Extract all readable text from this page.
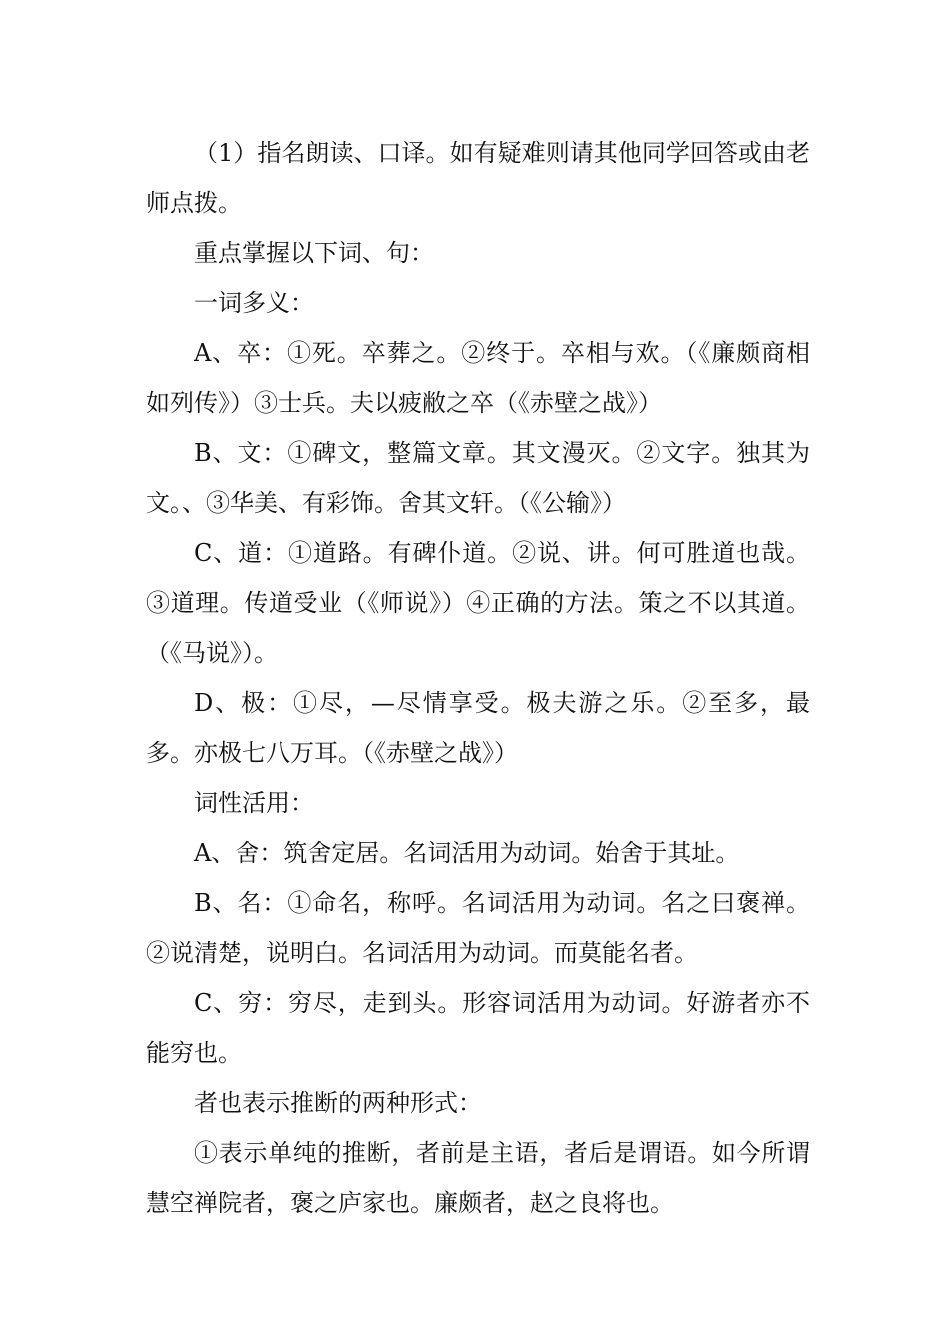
（1）指名朗读、口译。如有疑难则请其他同学回答或由老师点拨。

重点掌握以下词、句：

一词多义：

A、卒：①死。卒葬之。②终于。卒相与欢。（《廉颇商相如列传》）③士兵。夫以疲敝之卒（《赤壁之战》）

B、文：①碑文，整篇文章。其文漫灭。②文字。独其为文。、③华美、有彩饰。舍其文轩。（《公输》）

C、道：①道路。有碑仆道。②说、讲。何可胜道也哉。③道理。传道受业（《师说》）④正确的方法。策之不以其道。（《马说》）。

D、极：①尽，—尽情享受。极夫游之乐。②至多，最多。亦极七八万耳。（《赤壁之战》）

词性活用：

A、舍：筑舍定居。名词活用为动词。始舍于其址。

B、名：①命名，称呼。名词活用为动词。名之曰褒禅。②说清楚，说明白。名词活用为动词。而莫能名者。

C、穷：穷尽，走到头。形容词活用为动词。好游者亦不能穷也。

者也表示推断的两种形式：

①表示单纯的推断，者前是主语，者后是谓语。如今所谓慧空禅院者，褒之庐家也。廉颇者，赵之良将也。
